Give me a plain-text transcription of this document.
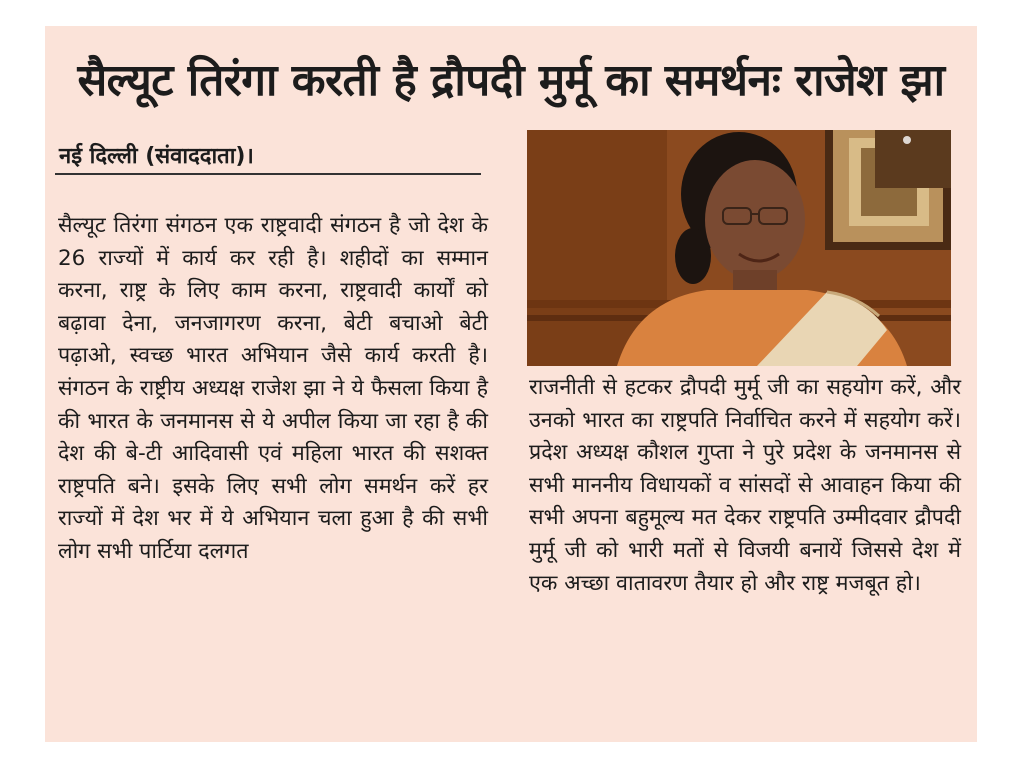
सैल्यूट तिरंगा करती है द्रौपदी मुर्मू का समर्थनः राजेश झा
नई दिल्ली (संवाददाता)।
सैल्यूट तिरंगा संगठन एक राष्ट्रवादी संगठन है जो देश के 26 राज्यों में कार्य कर रही है। शहीदों का सम्मान करना, राष्ट्र के लिए काम करना, राष्ट्रवादी कार्यों को बढ़ावा देना, जनजागरण करना, बेटी बचाओ बेटी पढ़ाओ, स्वच्छ भारत अभियान जैसे कार्य करती है। संगठन के राष्ट्रीय अध्यक्ष राजेश झा ने ये फैसला किया है की भारत के जनमानस से ये अपील किया जा रहा है की देश की बे-टी आदिवासी एवं महिला भारत की सशक्त राष्ट्रपति बने। इसके लिए सभी लोग समर्थन करें हर राज्यों में देश भर में ये अभियान चला हुआ है की सभी लोग सभी पार्टिया दलगत
राजनीती से हटकर द्रौपदी मुर्मू जी का सहयोग करें, और उनको भारत का राष्ट्रपति निर्वाचित करने में सहयोग करें। प्रदेश अध्यक्ष कौशल गुप्ता ने पुरे प्रदेश के जनमानस से सभी माननीय विधायकों व सांसदों से आवाहन किया की सभी अपना बहुमूल्य मत देकर राष्ट्रपति उम्मीदवार द्रौपदी मुर्मू जी को भारी मतों से विजयी बनायें जिससे देश में एक अच्छा वातावरण तैयार हो और राष्ट्र मजबूत हो।
